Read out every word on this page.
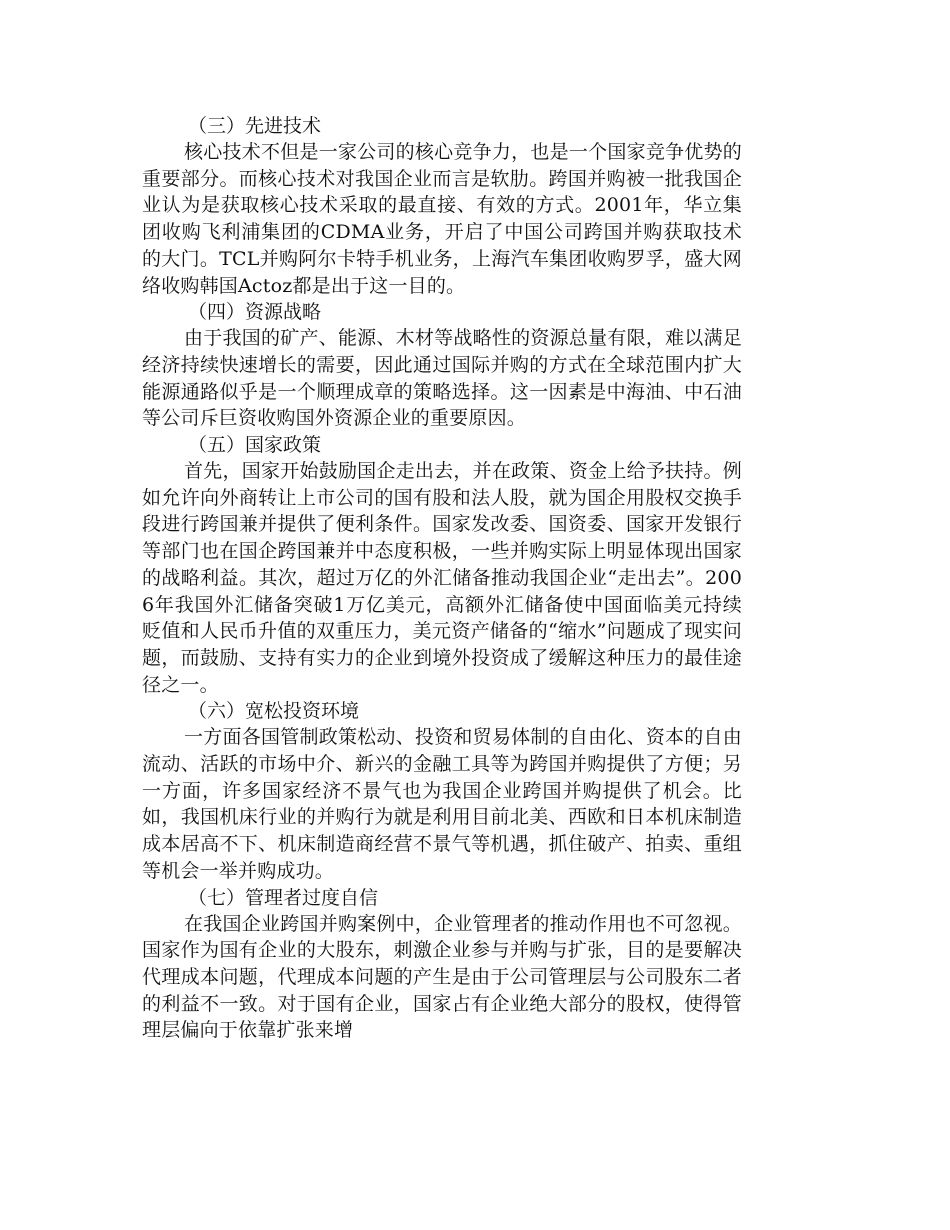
（三）先进技术

核心技术不但是一家公司的核心竞争力，也是一个国家竞争优势的重要部分。而核心技术对我国企业而言是软肋。跨国并购被一批我国企业认为是获取核心技术采取的最直接、有效的方式。2001年，华立集团收购飞利浦集团的CDMA业务，开启了中国公司跨国并购获取技术的大门。TCL并购阿尔卡特手机业务，上海汽车集团收购罗孚，盛大网络收购韩国Actoz都是出于这一目的。

（四）资源战略

由于我国的矿产、能源、木材等战略性的资源总量有限，难以满足经济持续快速增长的需要，因此通过国际并购的方式在全球范围内扩大能源通路似乎是一个顺理成章的策略选择。这一因素是中海油、中石油等公司斥巨资收购国外资源企业的重要原因。

（五）国家政策

首先，国家开始鼓励国企走出去，并在政策、资金上给予扶持。例如允许向外商转让上市公司的国有股和法人股，就为国企用股权交换手段进行跨国兼并提供了便利条件。国家发改委、国资委、国家开发银行等部门也在国企跨国兼并中态度积极，一些并购实际上明显体现出国家的战略利益。其次，超过万亿的外汇储备推动我国企业“走出去”。2006年我国外汇储备突破1万亿美元，高额外汇储备使中国面临美元持续贬值和人民币升值的双重压力，美元资产储备的“缩水”问题成了现实问题，而鼓励、支持有实力的企业到境外投资成了缓解这种压力的最佳途径之一。

（六）宽松投资环境

一方面各国管制政策松动、投资和贸易体制的自由化、资本的自由流动、活跃的市场中介、新兴的金融工具等为跨国并购提供了方便；另一方面，许多国家经济不景气也为我国企业跨国并购提供了机会。比如，我国机床行业的并购行为就是利用目前北美、西欧和日本机床制造成本居高不下、机床制造商经营不景气等机遇，抓住破产、拍卖、重组等机会一举并购成功。

（七）管理者过度自信

在我国企业跨国并购案例中，企业管理者的推动作用也不可忽视。国家作为国有企业的大股东，刺激企业参与并购与扩张，目的是要解决代理成本问题，代理成本问题的产生是由于公司管理层与公司股东二者的利益不一致。对于国有企业，国家占有企业绝大部分的股权，使得管理层偏向于依靠扩张来增
